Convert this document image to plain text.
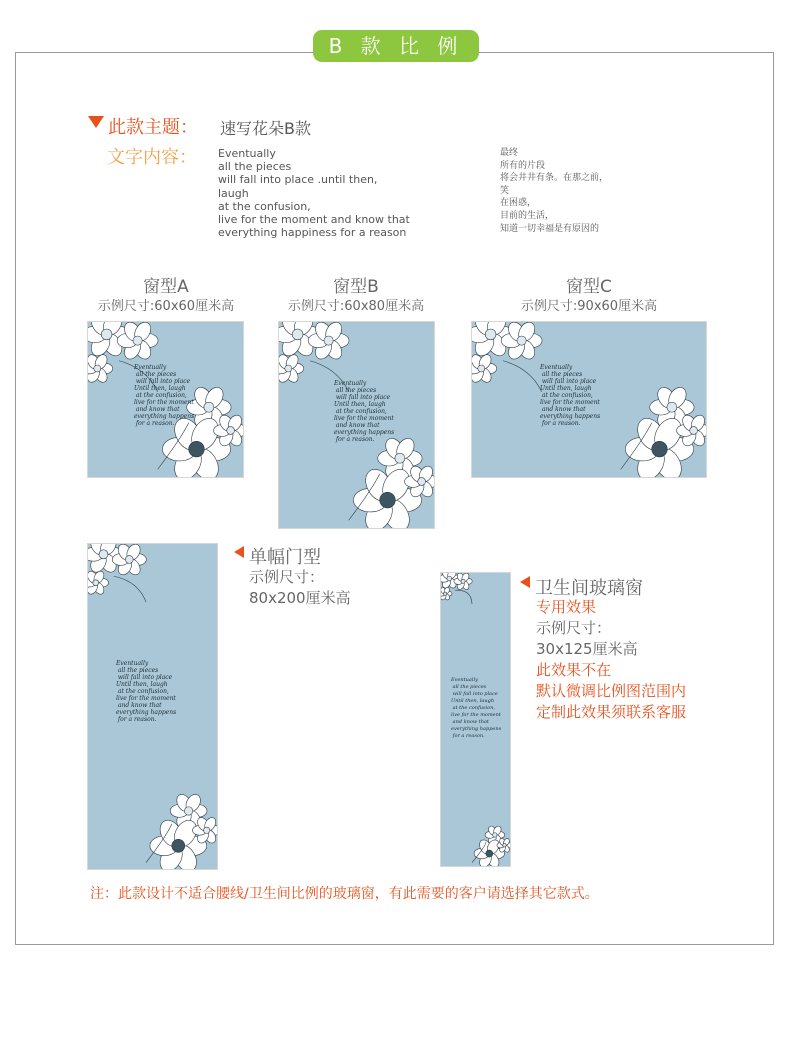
B 款 比 例 图
此款主题： 速写花朵B款
文字内容： Eventually
all the pieces
will fall into place .until then,
laugh
at the confusion,
live for the moment and know that
everything happiness for a reason
最终
所有的片段
将会井井有条。在那之前，
笑
在困惑，
目前的生活，
知道一切幸福是有原因的
窗型A
示例尺寸:60x60厘米高
Eventually
all the pieces
will fall into place
Until then, laugh
at the confusion,
live for the moment
and know that
everything happens
for a reason.
窗型B
示例尺寸:60x80厘米高
Eventually
all the pieces
will fall into place
Until then, laugh
at the confusion,
live for the moment
and know that
everything happens
for a reason.
窗型C
示例尺寸:90x60厘米高
Eventually
all the pieces
will fall into place
Until then, laugh
at the confusion,
live for the moment
and know that
everything happens
for a reason.
Eventually
all the pieces
will fall into place
Until then, laugh
at the confusion,
live for the moment
and know that
everything happens
for a reason.
单幅门型
示例尺寸：
80x200厘米高
Eventually
all the pieces
will fall into place
Until then, laugh
at the confusion,
live for the moment
and know that
everything happens
for a reason.
卫生间玻璃窗
专用效果
示例尺寸：
30x125厘米高
此效果不在
默认微调比例图范围内
定制此效果须联系客服
注：此款设计不适合腰线/卫生间比例的玻璃窗，有此需要的客户请选择其它款式。
